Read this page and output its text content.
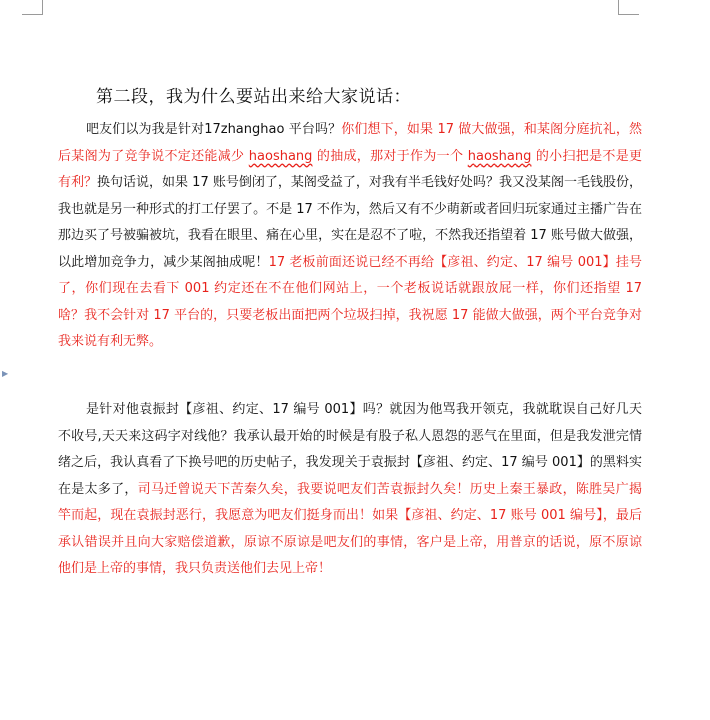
▶
第二段，我为什么要站出来给大家说话：
吧友们以为我是针对17zhanghao 平台吗？你们想下，如果 17 做大做强，和某阁分庭抗礼，然后某阁为了竞争说不定还能减少 haoshang 的抽成，那对于作为一个 haoshang 的小扫把是不是更有利？换句话说，如果 17 账号倒闭了，某阁受益了，对我有半毛钱好处吗？我又没某阁一毛钱股份，我也就是另一种形式的打工仔罢了。不是 17 不作为，然后又有不少萌新或者回归玩家通过主播广告在那边买了号被骗被坑，我看在眼里、痛在心里，实在是忍不了啦，不然我还指望着 17 账号做大做强，以此增加竞争力，减少某阁抽成呢！17 老板前面还说已经不再给【彦祖、约定、17 编号 001】挂号了，你们现在去看下 001 约定还在不在他们网站上，一个老板说话就跟放屁一样，你们还指望 17 啥？我不会针对 17 平台的，只要老板出面把两个垃圾扫掉，我祝愿 17 能做大做强，两个平台竞争对我来说有利无弊。
是针对他袁振封【彦祖、约定、17 编号 001】吗？就因为他骂我开领克，我就耽误自己好几天不收号,天天来这码字对线他？我承认最开始的时候是有股子私人恩怨的恶气在里面，但是我发泄完情绪之后，我认真看了下换号吧的历史帖子，我发现关于袁振封【彦祖、约定、17 编号 001】的黑料实在是太多了，司马迁曾说天下苦秦久矣，我要说吧友们苦袁振封久矣！历史上秦王暴政，陈胜吴广揭竿而起，现在袁振封恶行，我愿意为吧友们挺身而出！如果【彦祖、约定、17 账号 001 编号】，最后承认错误并且向大家赔偿道歉，原谅不原谅是吧友们的事情，客户是上帝，用普京的话说，原不原谅他们是上帝的事情，我只负责送他们去见上帝！
